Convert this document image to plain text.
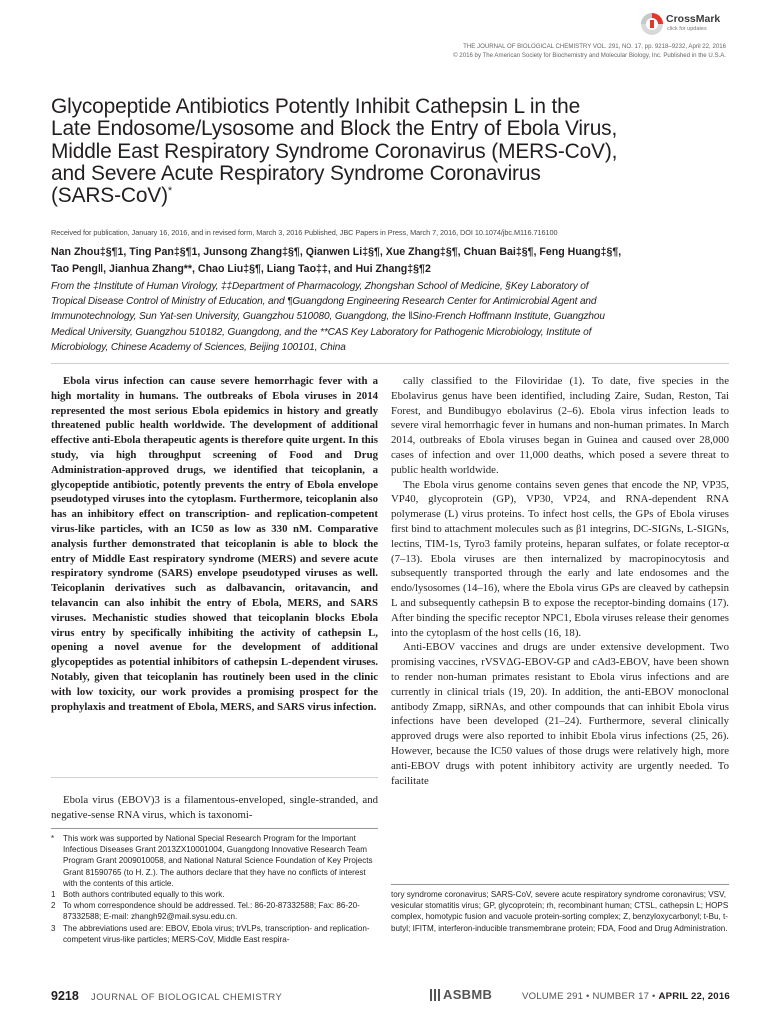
CrossMark
click for updates
THE JOURNAL OF BIOLOGICAL CHEMISTRY VOL. 291, NO. 17, pp. 9218–9232, April 22, 2016
© 2016 by The American Society for Biochemistry and Molecular Biology, Inc. Published in the U.S.A.
Glycopeptide Antibiotics Potently Inhibit Cathepsin L in the
Late Endosome/Lysosome and Block the Entry of Ebola Virus,
Middle East Respiratory Syndrome Coronavirus (MERS-CoV),
and Severe Acute Respiratory Syndrome Coronavirus
(SARS-CoV)*
Received for publication, January 16, 2016, and in revised form, March 3, 2016 Published, JBC Papers in Press, March 7, 2016, DOI 10.1074/jbc.M116.716100
Nan Zhou‡§¶1, Ting Pan‡§¶1, Junsong Zhang‡§¶, Qianwen Li‡§¶, Xue Zhang‡§¶, Chuan Bai‡§¶, Feng Huang‡§¶,
Tao Peng‖, Jianhua Zhang**, Chao Liu‡§¶, Liang Tao‡‡, and Hui Zhang‡§¶2
From the ‡Institute of Human Virology, ‡‡Department of Pharmacology, Zhongshan School of Medicine, §Key Laboratory of
Tropical Disease Control of Ministry of Education, and ¶Guangdong Engineering Research Center for Antimicrobial Agent and
Immunotechnology, Sun Yat-sen University, Guangzhou 510080, Guangdong, the ‖Sino-French Hoffmann Institute, Guangzhou
Medical University, Guangzhou 510182, Guangdong, and the **CAS Key Laboratory for Pathogenic Microbiology, Institute of
Microbiology, Chinese Academy of Sciences, Beijing 100101, China

Ebola virus infection can cause severe hemorrhagic fever with a high mortality in humans. The outbreaks of Ebola viruses in 2014 represented the most serious Ebola epidemics in history and greatly threatened public health worldwide. The development of additional effective anti-Ebola therapeutic agents is therefore quite urgent. In this study, via high throughput screening of Food and Drug Administration-approved drugs, we identified that teicoplanin, a glycopeptide antibiotic, potently prevents the entry of Ebola envelope pseudotyped viruses into the cytoplasm. Furthermore, teicoplanin also has an inhibitory effect on transcription- and replication-competent virus-like particles, with an IC50 as low as 330 nM. Comparative analysis further demonstrated that teicoplanin is able to block the entry of Middle East respiratory syndrome (MERS) and severe acute respiratory syndrome (SARS) envelope pseudotyped viruses as well. Teicoplanin derivatives such as dalbavancin, oritavancin, and telavancin can also inhibit the entry of Ebola, MERS, and SARS viruses. Mechanistic studies showed that teicoplanin blocks Ebola virus entry by specifically inhibiting the activity of cathepsin L, opening a novel avenue for the development of additional glycopeptides as potential inhibitors of cathepsin L-dependent viruses. Notably, given that teicoplanin has routinely been used in the clinic with low toxicity, our work provides a promising prospect for the prophylaxis and treatment of Ebola, MERS, and SARS virus infection.

Ebola virus (EBOV)3 is a filamentous-enveloped, single-stranded, and negative-sense RNA virus, which is taxonomi-

* This work was supported by National Special Research Program for the Important Infectious Diseases Grant 2013ZX10001004, Guangdong Innovative Research Team Program Grant 2009010058, and National Natural Science Foundation of Key Projects Grant 81590765 (to H. Z.). The authors declare that they have no conflicts of interest with the contents of this article.
1 Both authors contributed equally to this work.
2 To whom correspondence should be addressed. Tel.: 86-20-87332588; Fax: 86-20-87332588; E-mail: zhangh92@mail.sysu.edu.cn.
3 The abbreviations used are: EBOV, Ebola virus; trVLPs, transcription- and replication-competent virus-like particles; MERS-CoV, Middle East respira-

cally classified to the Filoviridae (1). To date, five species in the Ebolavirus genus have been identified, including Zaire, Sudan, Reston, Tai Forest, and Bundibugyo ebolavirus (2–6). Ebola virus infection leads to severe viral hemorrhagic fever in humans and non-human primates. In March 2014, outbreaks of Ebola viruses began in Guinea and caused over 28,000 cases of infection and over 11,000 deaths, which posed a severe threat to public health worldwide.

The Ebola virus genome contains seven genes that encode the NP, VP35, VP40, glycoprotein (GP), VP30, VP24, and RNA-dependent RNA polymerase (L) virus proteins. To infect host cells, the GPs of Ebola viruses first bind to attachment molecules such as β1 integrins, DC-SIGNs, L-SIGNs, lectins, TIM-1s, Tyro3 family proteins, heparan sulfates, or folate receptor-α (7–13). Ebola viruses are then internalized by macropinocytosis and subsequently transported through the early and late endosomes and the endo/lysosomes (14–16), where the Ebola virus GPs are cleaved by cathepsin L and subsequently cathepsin B to expose the receptor-binding domains (17). After binding the specific receptor NPC1, Ebola viruses release their genomes into the cytoplasm of the host cells (16, 18).

Anti-EBOV vaccines and drugs are under extensive development. Two promising vaccines, rVSVΔG-EBOV-GP and cAd3-EBOV, have been shown to render non-human primates resistant to Ebola virus infections and are currently in clinical trials (19, 20). In addition, the anti-EBOV monoclonal antibody Zmapp, siRNAs, and other compounds that can inhibit Ebola virus infections have been developed (21–24). Furthermore, several clinically approved drugs were also reported to inhibit Ebola virus infections (25, 26). However, because the IC50 values of those drugs were relatively high, more anti-EBOV drugs with potent inhibitory activity are urgently needed. To facilitate

tory syndrome coronavirus; SARS-CoV, severe acute respiratory syndrome coronavirus; VSV, vesicular stomatitis virus; GP, glycoprotein; rh, recombinant human; CTSL, cathepsin L; HOPS complex, homotypic fusion and vacuole protein-sorting complex; Z, benzyloxycarbonyl; t-Bu, t-butyl; IFITM, interferon-inducible transmembrane protein; FDA, Food and Drug Administration.
9218 JOURNAL OF BIOLOGICAL CHEMISTRY	ASBMB	VOLUME 291 • NUMBER 17 • APRIL 22, 2016
